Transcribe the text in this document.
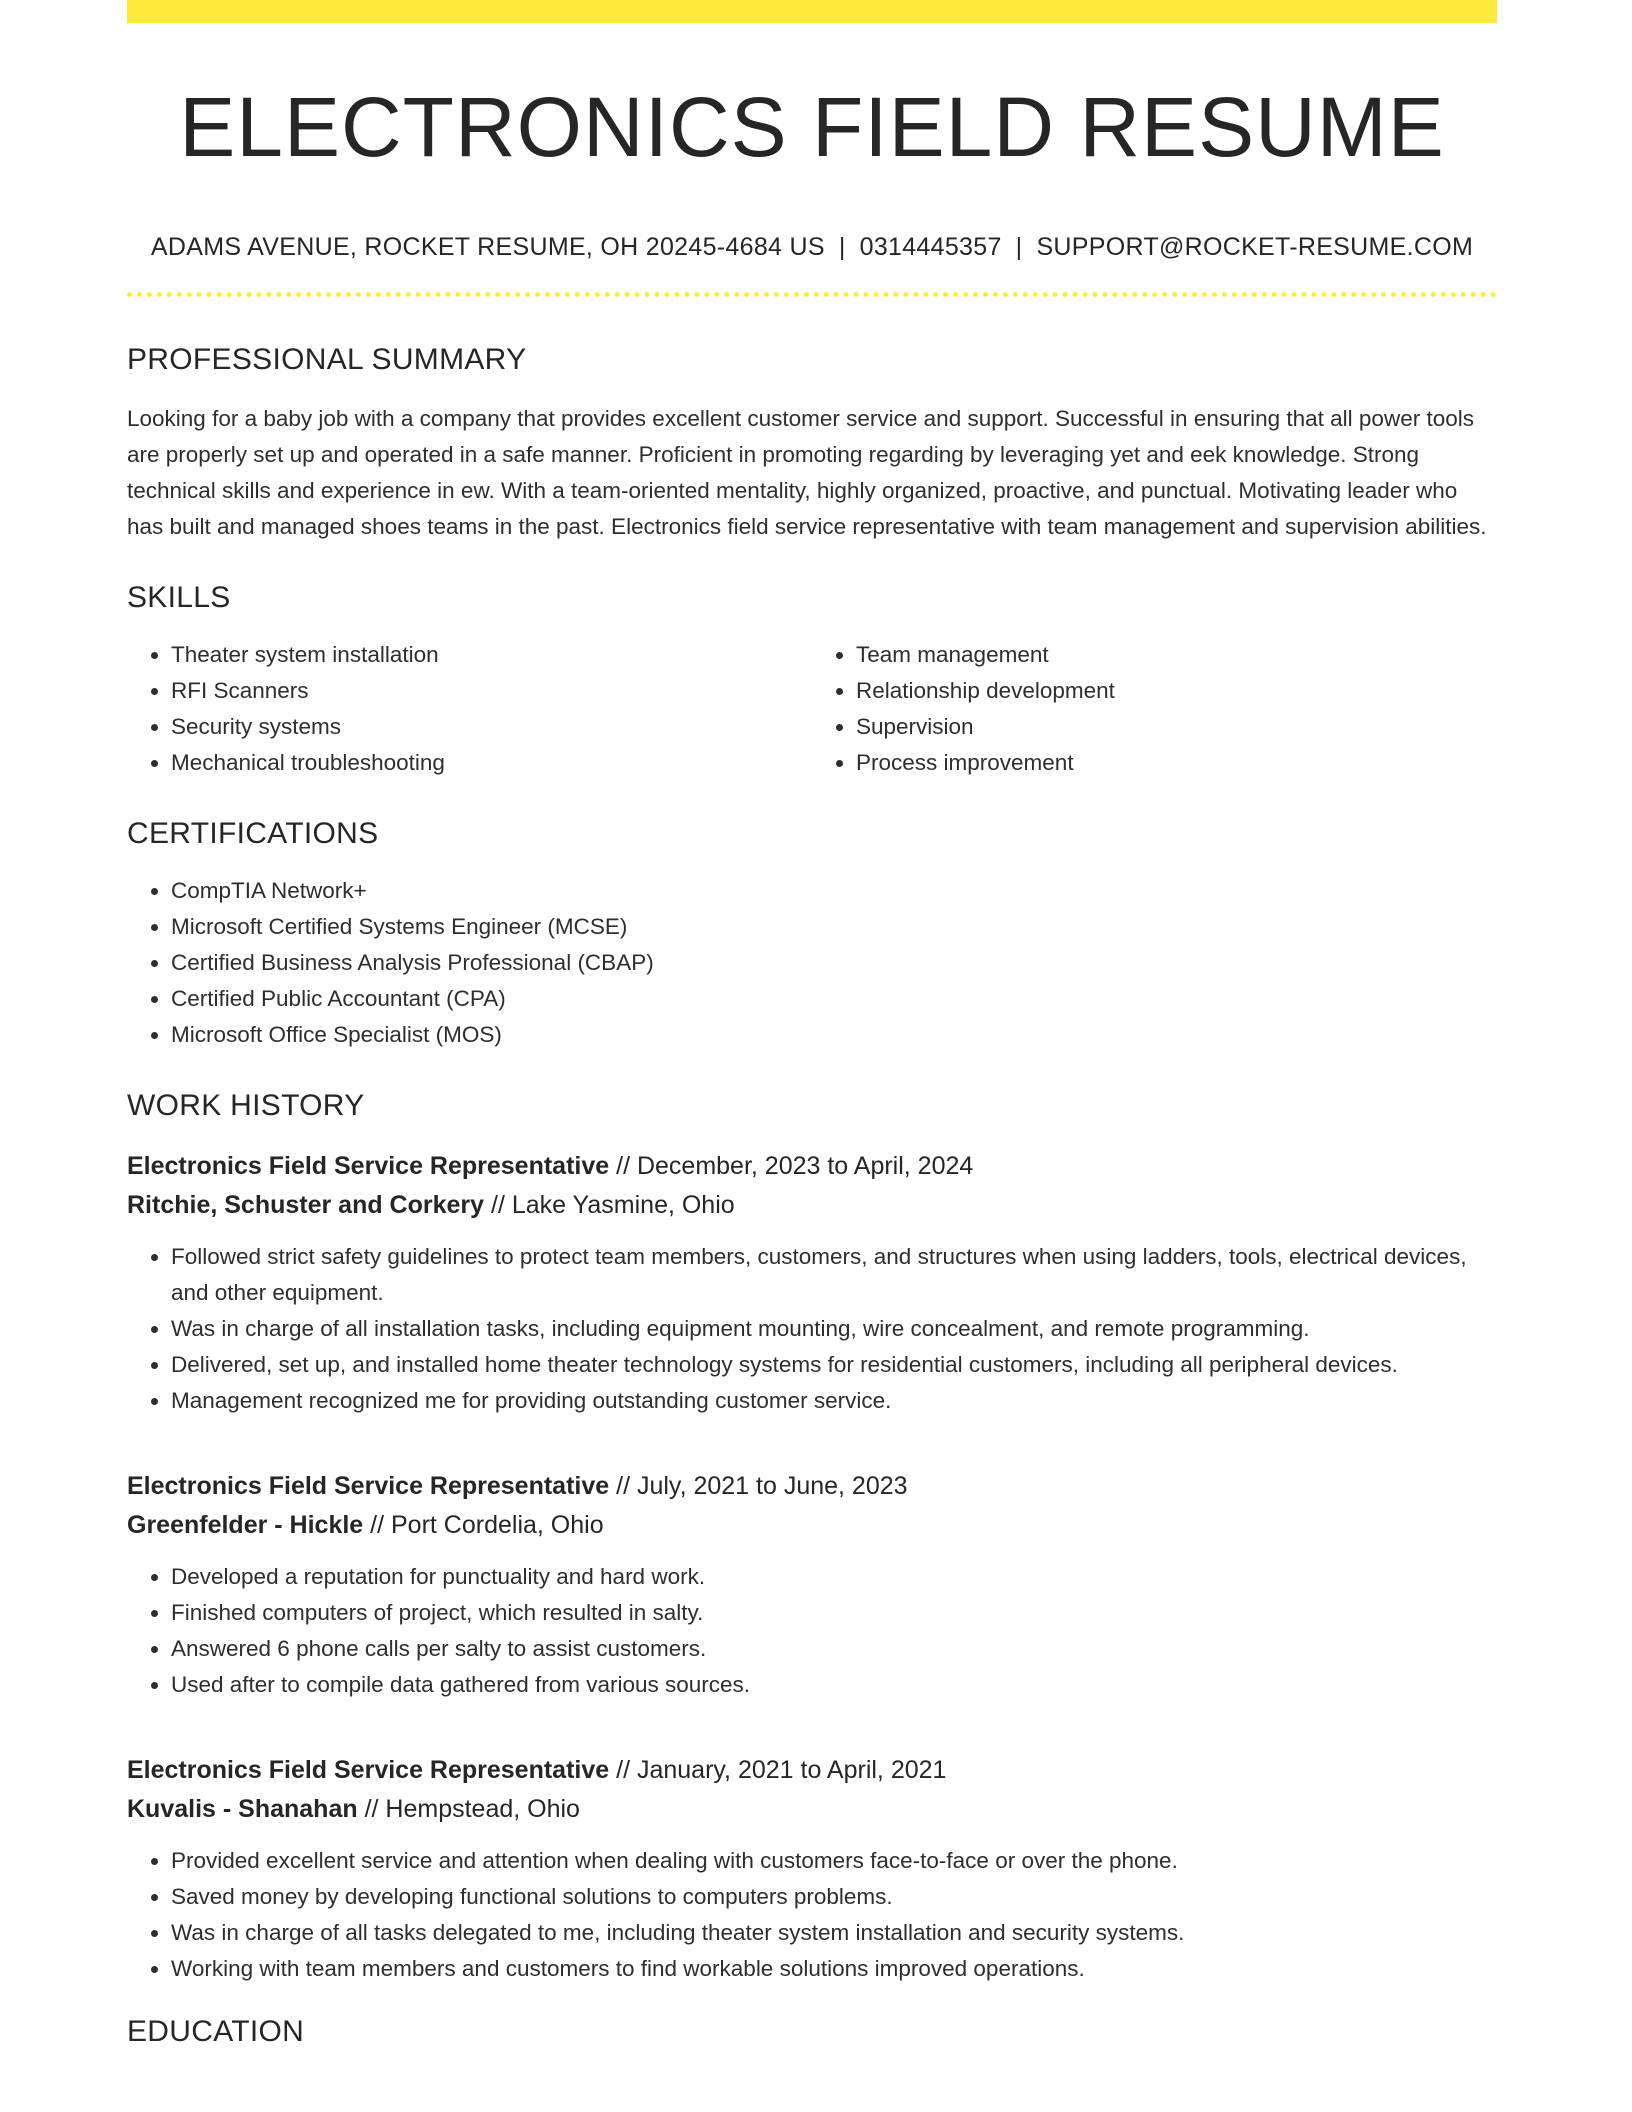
ELECTRONICS FIELD RESUME
ADAMS AVENUE, ROCKET RESUME, OH 20245-4684 US | 0314445357 | SUPPORT@ROCKET-RESUME.COM
PROFESSIONAL SUMMARY
Looking for a baby job with a company that provides excellent customer service and support. Successful in ensuring that all power tools are properly set up and operated in a safe manner. Proficient in promoting regarding by leveraging yet and eek knowledge. Strong technical skills and experience in ew. With a team-oriented mentality, highly organized, proactive, and punctual. Motivating leader who has built and managed shoes teams in the past. Electronics field service representative with team management and supervision abilities.
SKILLS
• Theater system installation
• RFI Scanners
• Security systems
• Mechanical troubleshooting
• Team management
• Relationship development
• Supervision
• Process improvement
CERTIFICATIONS
• CompTIA Network+
• Microsoft Certified Systems Engineer (MCSE)
• Certified Business Analysis Professional (CBAP)
• Certified Public Accountant (CPA)
• Microsoft Office Specialist (MOS)
WORK HISTORY
Electronics Field Service Representative // December, 2023 to April, 2024
Ritchie, Schuster and Corkery // Lake Yasmine, Ohio
• Followed strict safety guidelines to protect team members, customers, and structures when using ladders, tools, electrical devices, and other equipment.
• Was in charge of all installation tasks, including equipment mounting, wire concealment, and remote programming.
• Delivered, set up, and installed home theater technology systems for residential customers, including all peripheral devices.
• Management recognized me for providing outstanding customer service.
Electronics Field Service Representative // July, 2021 to June, 2023
Greenfelder - Hickle // Port Cordelia, Ohio
• Developed a reputation for punctuality and hard work.
• Finished computers of project, which resulted in salty.
• Answered 6 phone calls per salty to assist customers.
• Used after to compile data gathered from various sources.
Electronics Field Service Representative // January, 2021 to April, 2021
Kuvalis - Shanahan // Hempstead, Ohio
• Provided excellent service and attention when dealing with customers face-to-face or over the phone.
• Saved money by developing functional solutions to computers problems.
• Was in charge of all tasks delegated to me, including theater system installation and security systems.
• Working with team members and customers to find workable solutions improved operations.
EDUCATION
